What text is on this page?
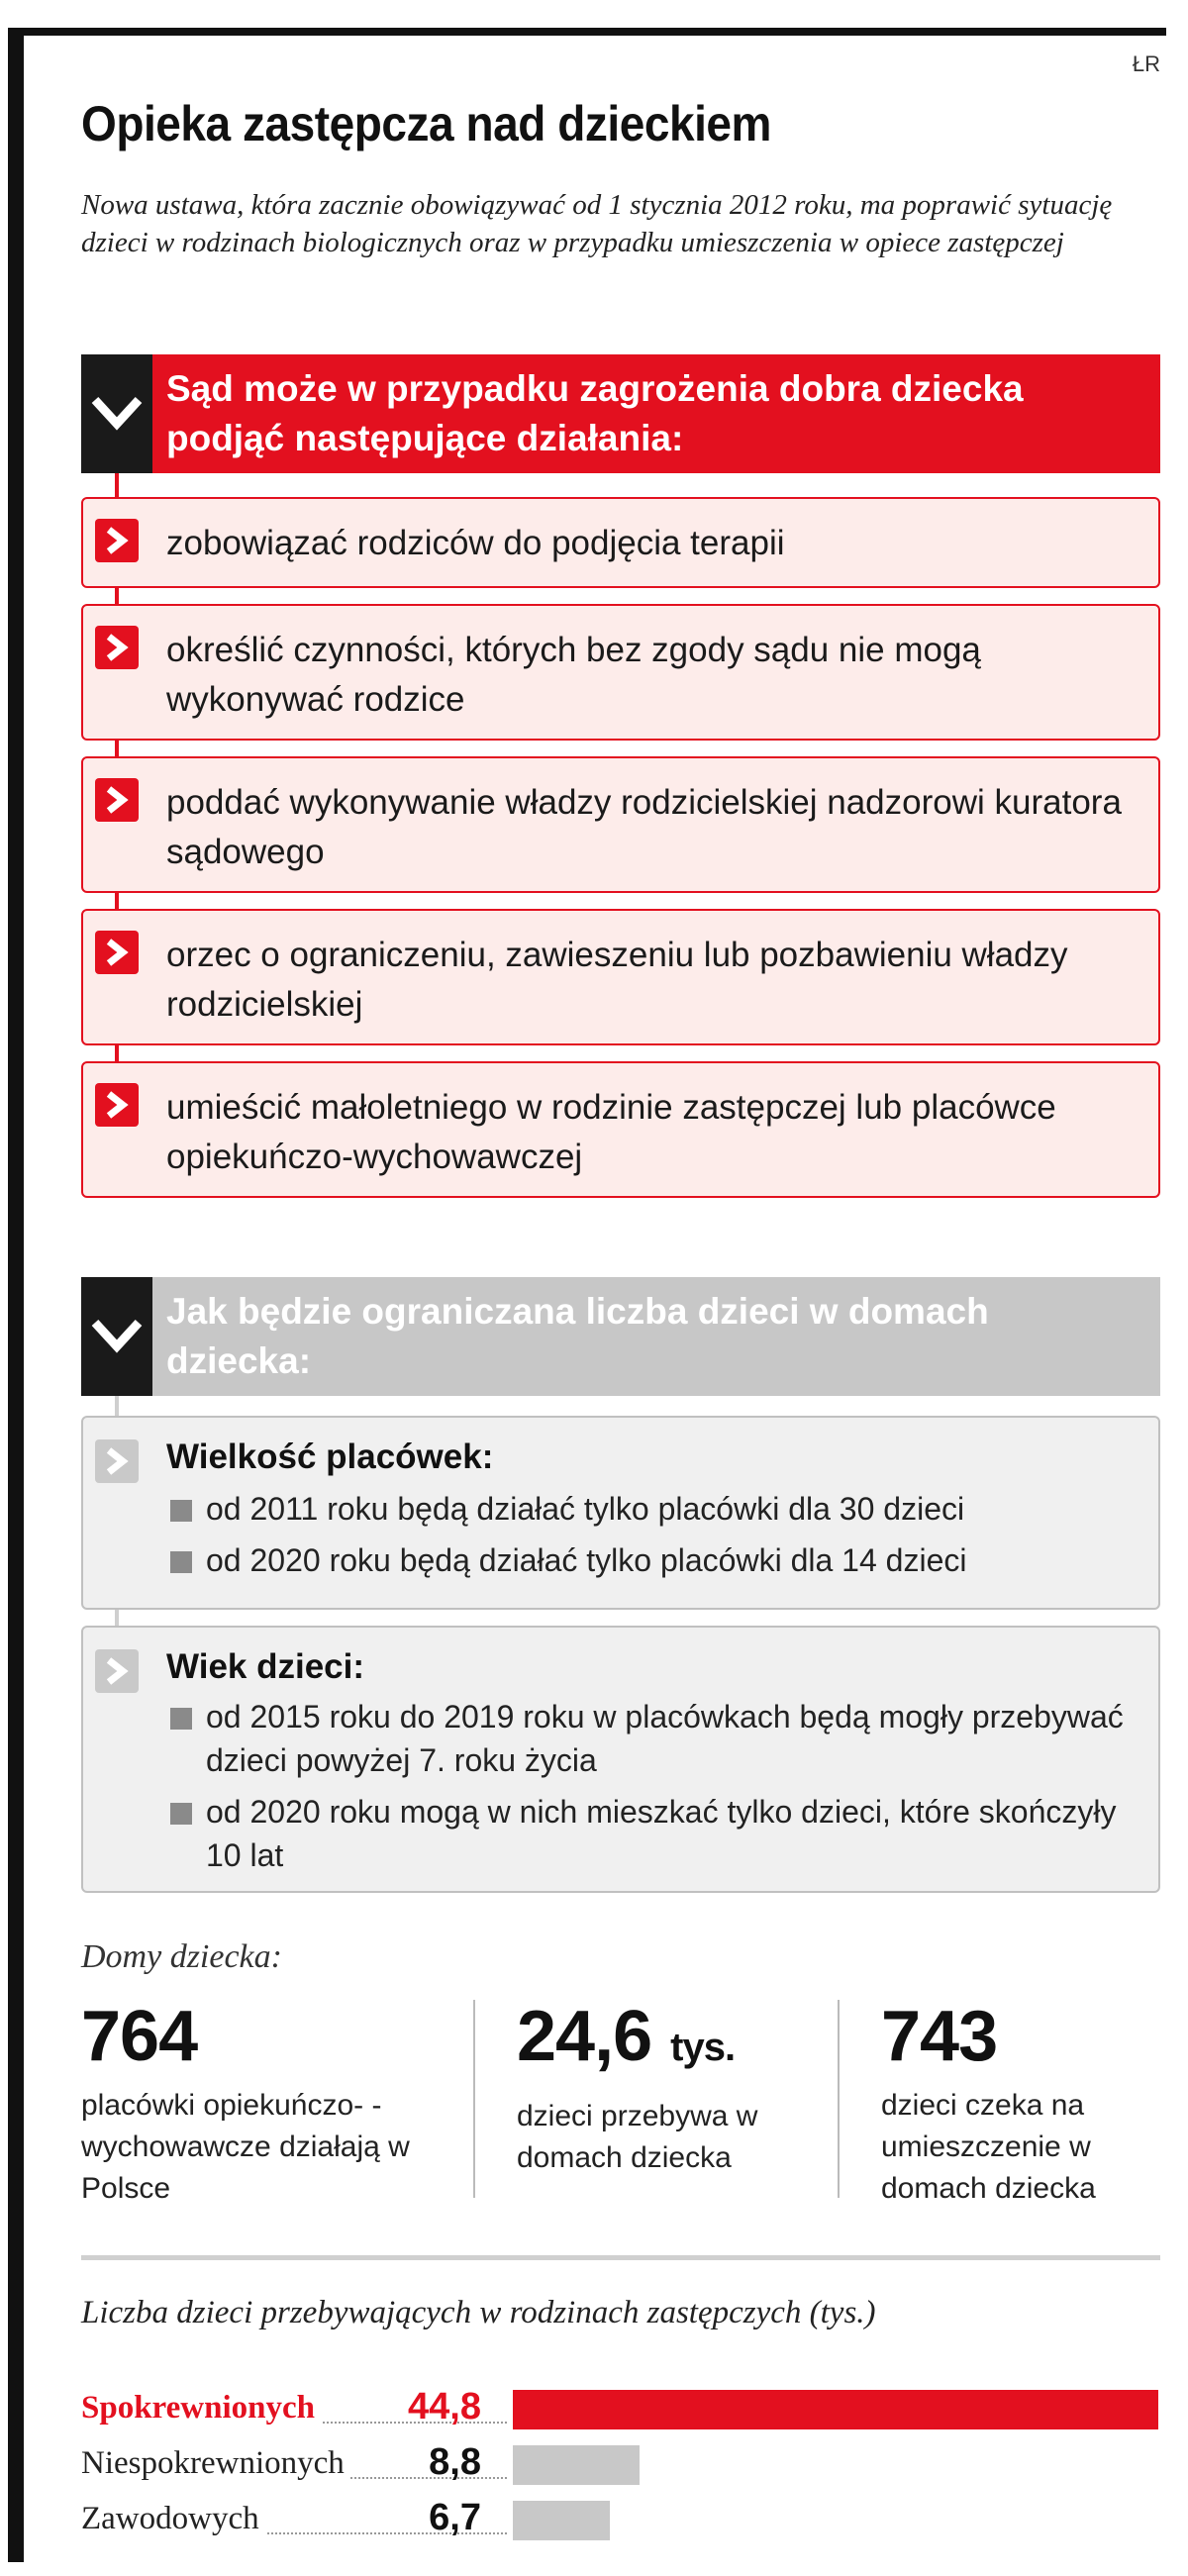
ŁR
Opieka zastępcza nad dzieckiem
Nowa ustawa, która zacznie obowiązywać od 1 stycznia 2012 roku, ma poprawić sytuację dzieci w rodzinach biologicznych oraz w przypadku umieszczenia w opiece zastępczej
Sąd może w przypadku zagrożenia dobra dziecka podjąć następujące działania:
zobowiązać rodziców do podjęcia terapii
określić czynności, których bez zgody sądu nie mogą wykonywać rodzice
poddać wykonywanie władzy rodzicielskiej nadzorowi kuratora sądowego
orzec o ograniczeniu, zawieszeniu lub pozbawieniu władzy rodzicielskiej
umieścić małoletniego w rodzinie zastępczej lub placówce opiekuńczo-wychowawczej
Jak będzie ograniczana liczba dzieci w domach dziecka:
Wielkość placówek:
od 2011 roku będą działać tylko placówki dla 30 dzieci
od 2020 roku będą działać tylko placówki dla 14 dzieci
Wiek dzieci:
od 2015 roku do 2019 roku w placówkach będą mogły przebywać dzieci powyżej 7. roku życia
od 2020 roku mogą w nich mieszkać tylko dzieci, które skończyły 10 lat
Domy dziecka:
764
placówki opiekuńczo- -wychowawcze działają w Polsce
24,6 tys.
dzieci przebywa w domach dziecka
743
dzieci czeka na umieszczenie w domach dziecka
Liczba dzieci przebywających w rodzinach zastępczych (tys.)
Spokrewnionych 44,8
Niespokrewnionych 8,8
Zawodowych	6,7
